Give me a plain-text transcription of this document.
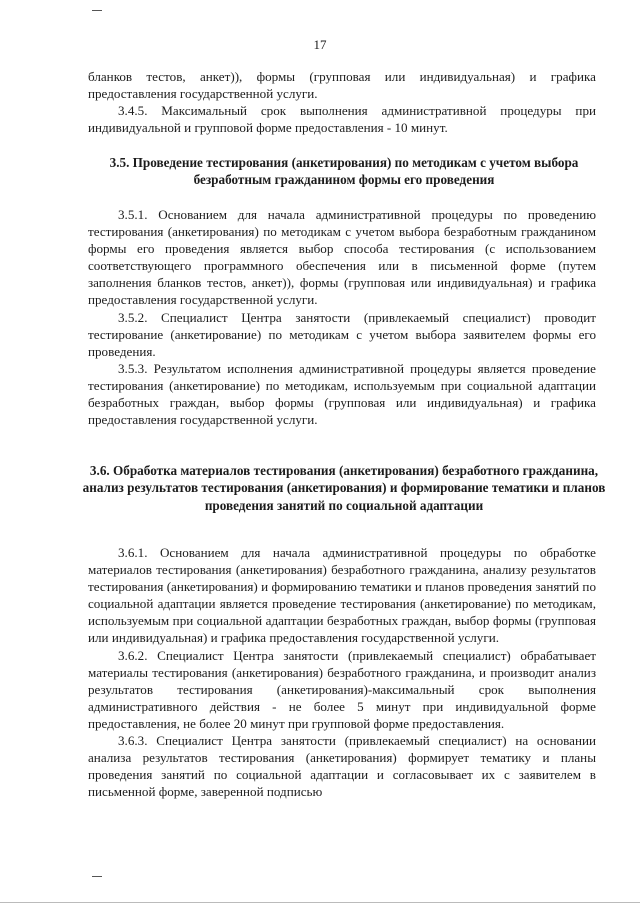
17

бланков тестов, анкет)), формы (групповая или индивидуальная) и графика предоставления государственной услуги.

3.4.5. Максимальный срок выполнения административной процедуры при индивидуальной и групповой форме предоставления - 10 минут.

3.5. Проведение тестирования (анкетирования) по методикам с учетом выбора безработным гражданином формы его проведения

3.5.1. Основанием для начала административной процедуры по проведению тестирования (анкетирования) по методикам с учетом выбора безработным гражданином формы его проведения является выбор способа тестирования (с использованием соответствующего программного обеспечения или в письменной форме (путем заполнения бланков тестов, анкет)), формы (групповая или индивидуальная) и графика предоставления государственной услуги.

3.5.2. Специалист Центра занятости (привлекаемый специалист) проводит тестирование (анкетирование) по методикам с учетом выбора заявителем формы его проведения.

3.5.3. Результатом исполнения административной процедуры является проведение тестирования (анкетирование) по методикам, используемым при социальной адаптации безработных граждан, выбор формы (групповая или индивидуальная) и графика предоставления государственной услуги.

3.6. Обработка материалов тестирования (анкетирования) безработного гражданина, анализ результатов тестирования (анкетирования) и формирование тематики и планов проведения занятий по социальной адаптации

3.6.1. Основанием для начала административной процедуры по обработке материалов тестирования (анкетирования) безработного гражданина, анализу результатов тестирования (анкетирования) и формированию тематики и планов проведения занятий по социальной адаптации является проведение тестирования (анкетирование) по методикам, используемым при социальной адаптации безработных граждан, выбор формы (групповая или индивидуальная) и графика предоставления государственной услуги.

3.6.2. Специалист Центра занятости (привлекаемый специалист) обрабатывает материалы тестирования (анкетирования) безработного гражданина, и производит анализ результатов тестирования (анкетирования)-максимальный срок выполнения административного действия - не более 5 минут при индивидуальной форме предоставления, не более 20 минут при групповой форме предоставления.

3.6.3. Специалист Центра занятости (привлекаемый специалист) на основании анализа результатов тестирования (анкетирования) формирует тематику и планы проведения занятий по социальной адаптации и согласовывает их с заявителем в письменной форме, заверенной подписью
